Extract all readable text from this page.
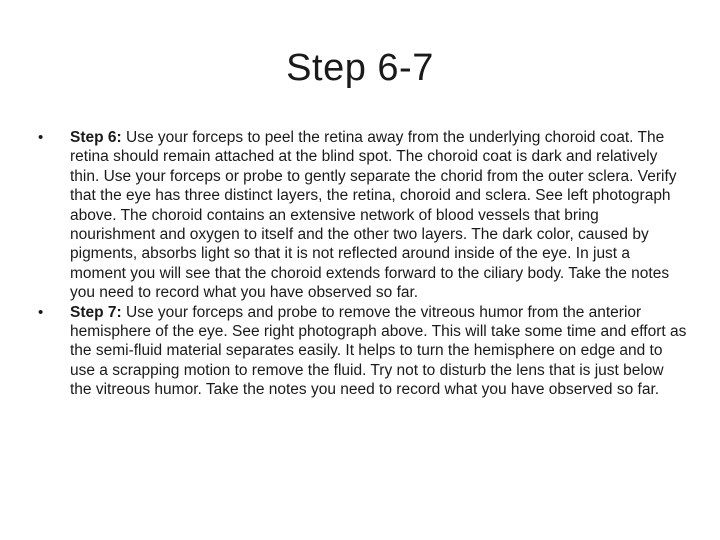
Step 6-7
•	Step 6: Use your forceps to peel the retina away from the underlying choroid coat. The retina should remain attached at the blind spot. The choroid coat is dark and relatively thin. Use your forceps or probe to gently separate the chorid from the outer sclera. Verify that the eye has three distinct layers, the retina, choroid and sclera. See left photograph above. The choroid contains an extensive network of blood vessels that bring nourishment and oxygen to itself and the other two layers. The dark color, caused by pigments, absorbs light so that it is not reflected around inside of the eye. In just a moment you will see that the choroid extends forward to the ciliary body. Take the notes you need to record what you have observed so far.
•	Step 7: Use your forceps and probe to remove the vitreous humor from the anterior hemisphere of the eye. See right photograph above. This will take some time and effort as the semi-fluid material separates easily. It helps to turn the hemisphere on edge and to use a scrapping motion to remove the fluid. Try not to disturb the lens that is just below the vitreous humor. Take the notes you need to record what you have observed so far.
